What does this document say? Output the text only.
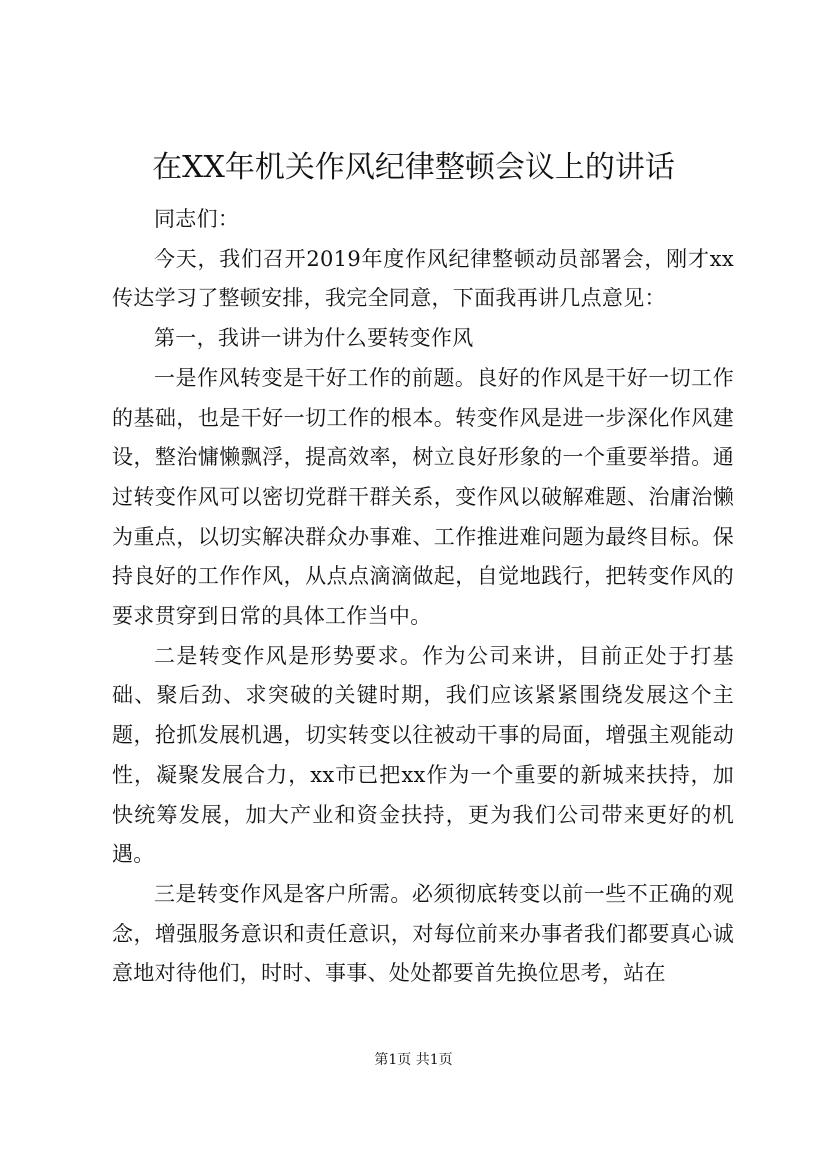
在XX年机关作风纪律整顿会议上的讲话

同志们：

今天，我们召开2019年度作风纪律整顿动员部署会，刚才xx传达学习了整顿安排，我完全同意，下面我再讲几点意见：

第一，我讲一讲为什么要转变作风

一是作风转变是干好工作的前题。良好的作风是干好一切工作的基础，也是干好一切工作的根本。转变作风是进一步深化作风建设，整治慵懒飘浮，提高效率，树立良好形象的一个重要举措。通过转变作风可以密切党群干群关系，变作风以破解难题、治庸治懒为重点，以切实解决群众办事难、工作推进难问题为最终目标。保持良好的工作作风，从点点滴滴做起，自觉地践行，把转变作风的要求贯穿到日常的具体工作当中。

二是转变作风是形势要求。作为公司来讲，目前正处于打基础、聚后劲、求突破的关键时期，我们应该紧紧围绕发展这个主题，抢抓发展机遇，切实转变以往被动干事的局面，增强主观能动性，凝聚发展合力，xx市已把xx作为一个重要的新城来扶持，加快统筹发展，加大产业和资金扶持，更为我们公司带来更好的机遇。

三是转变作风是客户所需。必须彻底转变以前一些不正确的观念，增强服务意识和责任意识，对每位前来办事者我们都要真心诚意地对待他们，时时、事事、处处都要首先换位思考，站在

第1页 共1页
